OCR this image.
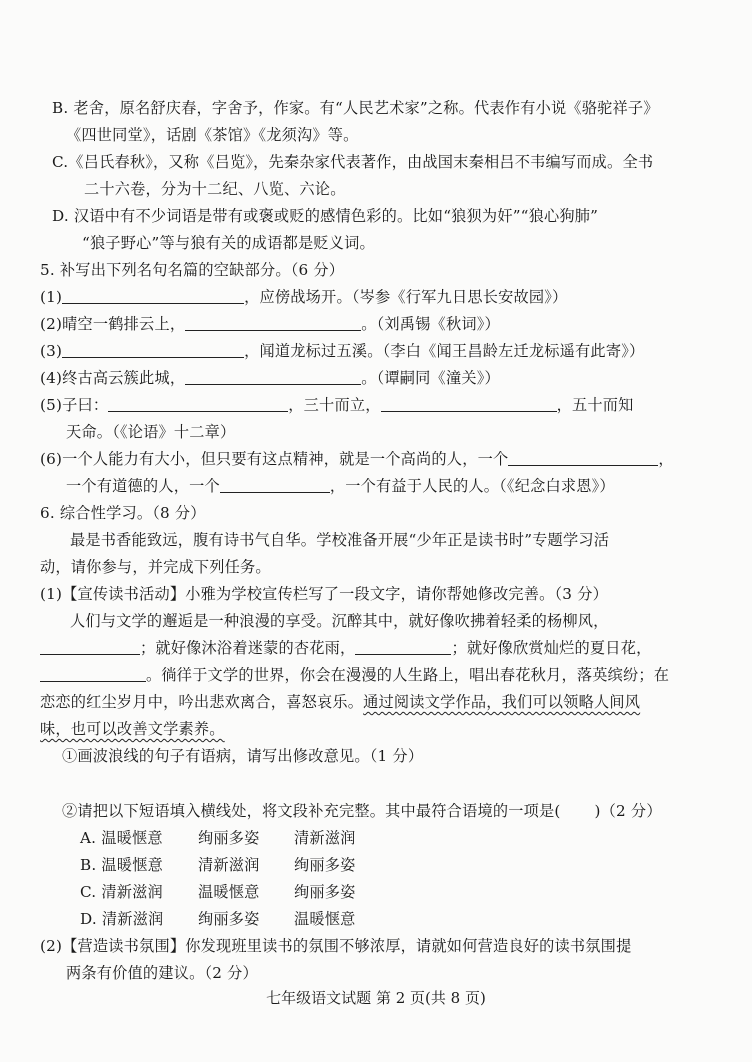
B. 老舍，原名舒庆春，字舍予，作家。有“人民艺术家”之称。代表作有小说《骆驼祥子》
《四世同堂》，话剧《茶馆》《龙须沟》等。
C.《吕氏春秋》，又称《吕览》，先秦杂家代表著作，由战国末秦相吕不韦编写而成。全书
二十六卷，分为十二纪、八览、六论。
D. 汉语中有不少词语是带有或褒或贬的感情色彩的。比如“狼狈为奸”“狼心狗肺”
“狼子野心”等与狼有关的成语都是贬义词。
5. 补写出下列名句名篇的空缺部分。（6 分）
(1)	，应傍战场开。（岑参《行军九日思长安故园》）
(2)晴空一鹤排云上，	。（刘禹锡《秋词》）
(3)	，闻道龙标过五溪。（李白《闻王昌龄左迁龙标遥有此寄》）
(4)终古高云簇此城，	。（谭嗣同《潼关》）
(5)子曰：	，三十而立，	，五十而知
天命。（《论语》十二章）
(6)一个人能力有大小，但只要有这点精神，就是一个高尚的人，一个	，
一个有道德的人，一个	，一个有益于人民的人。（《纪念白求恩》）
6. 综合性学习。（8 分）
最是书香能致远，腹有诗书气自华。学校准备开展“少年正是读书时”专题学习活
动，请你参与，并完成下列任务。
(1)【宣传读书活动】小雅为学校宣传栏写了一段文字，请你帮她修改完善。（3 分）
人们与文学的邂逅是一种浪漫的享受。沉醉其中，就好像吹拂着轻柔的杨柳风，
；就好像沐浴着迷蒙的杏花雨，	；就好像欣赏灿烂的夏日花，
。徜徉于文学的世界，你会在漫漫的人生路上，唱出春花秋月，落英缤纷；在
恋恋的红尘岁月中，吟出悲欢离合，喜怒哀乐。通过阅读文学作品，我们可以领略人间风
味，也可以改善文学素养。
①画波浪线的句子有语病，请写出修改意见。（1 分）
②请把以下短语填入横线处，将文段补充完整。其中最符合语境的一项是( )（2 分）
A. 温暖惬意 绚丽多姿 清新滋润
B. 温暖惬意 清新滋润 绚丽多姿
C. 清新滋润 温暖惬意 绚丽多姿
D. 清新滋润 绚丽多姿 温暖惬意
(2)【营造读书氛围】你发现班里读书的氛围不够浓厚，请就如何营造良好的读书氛围提
两条有价值的建议。（2 分）
七年级语文试题 第 2 页(共 8 页)
